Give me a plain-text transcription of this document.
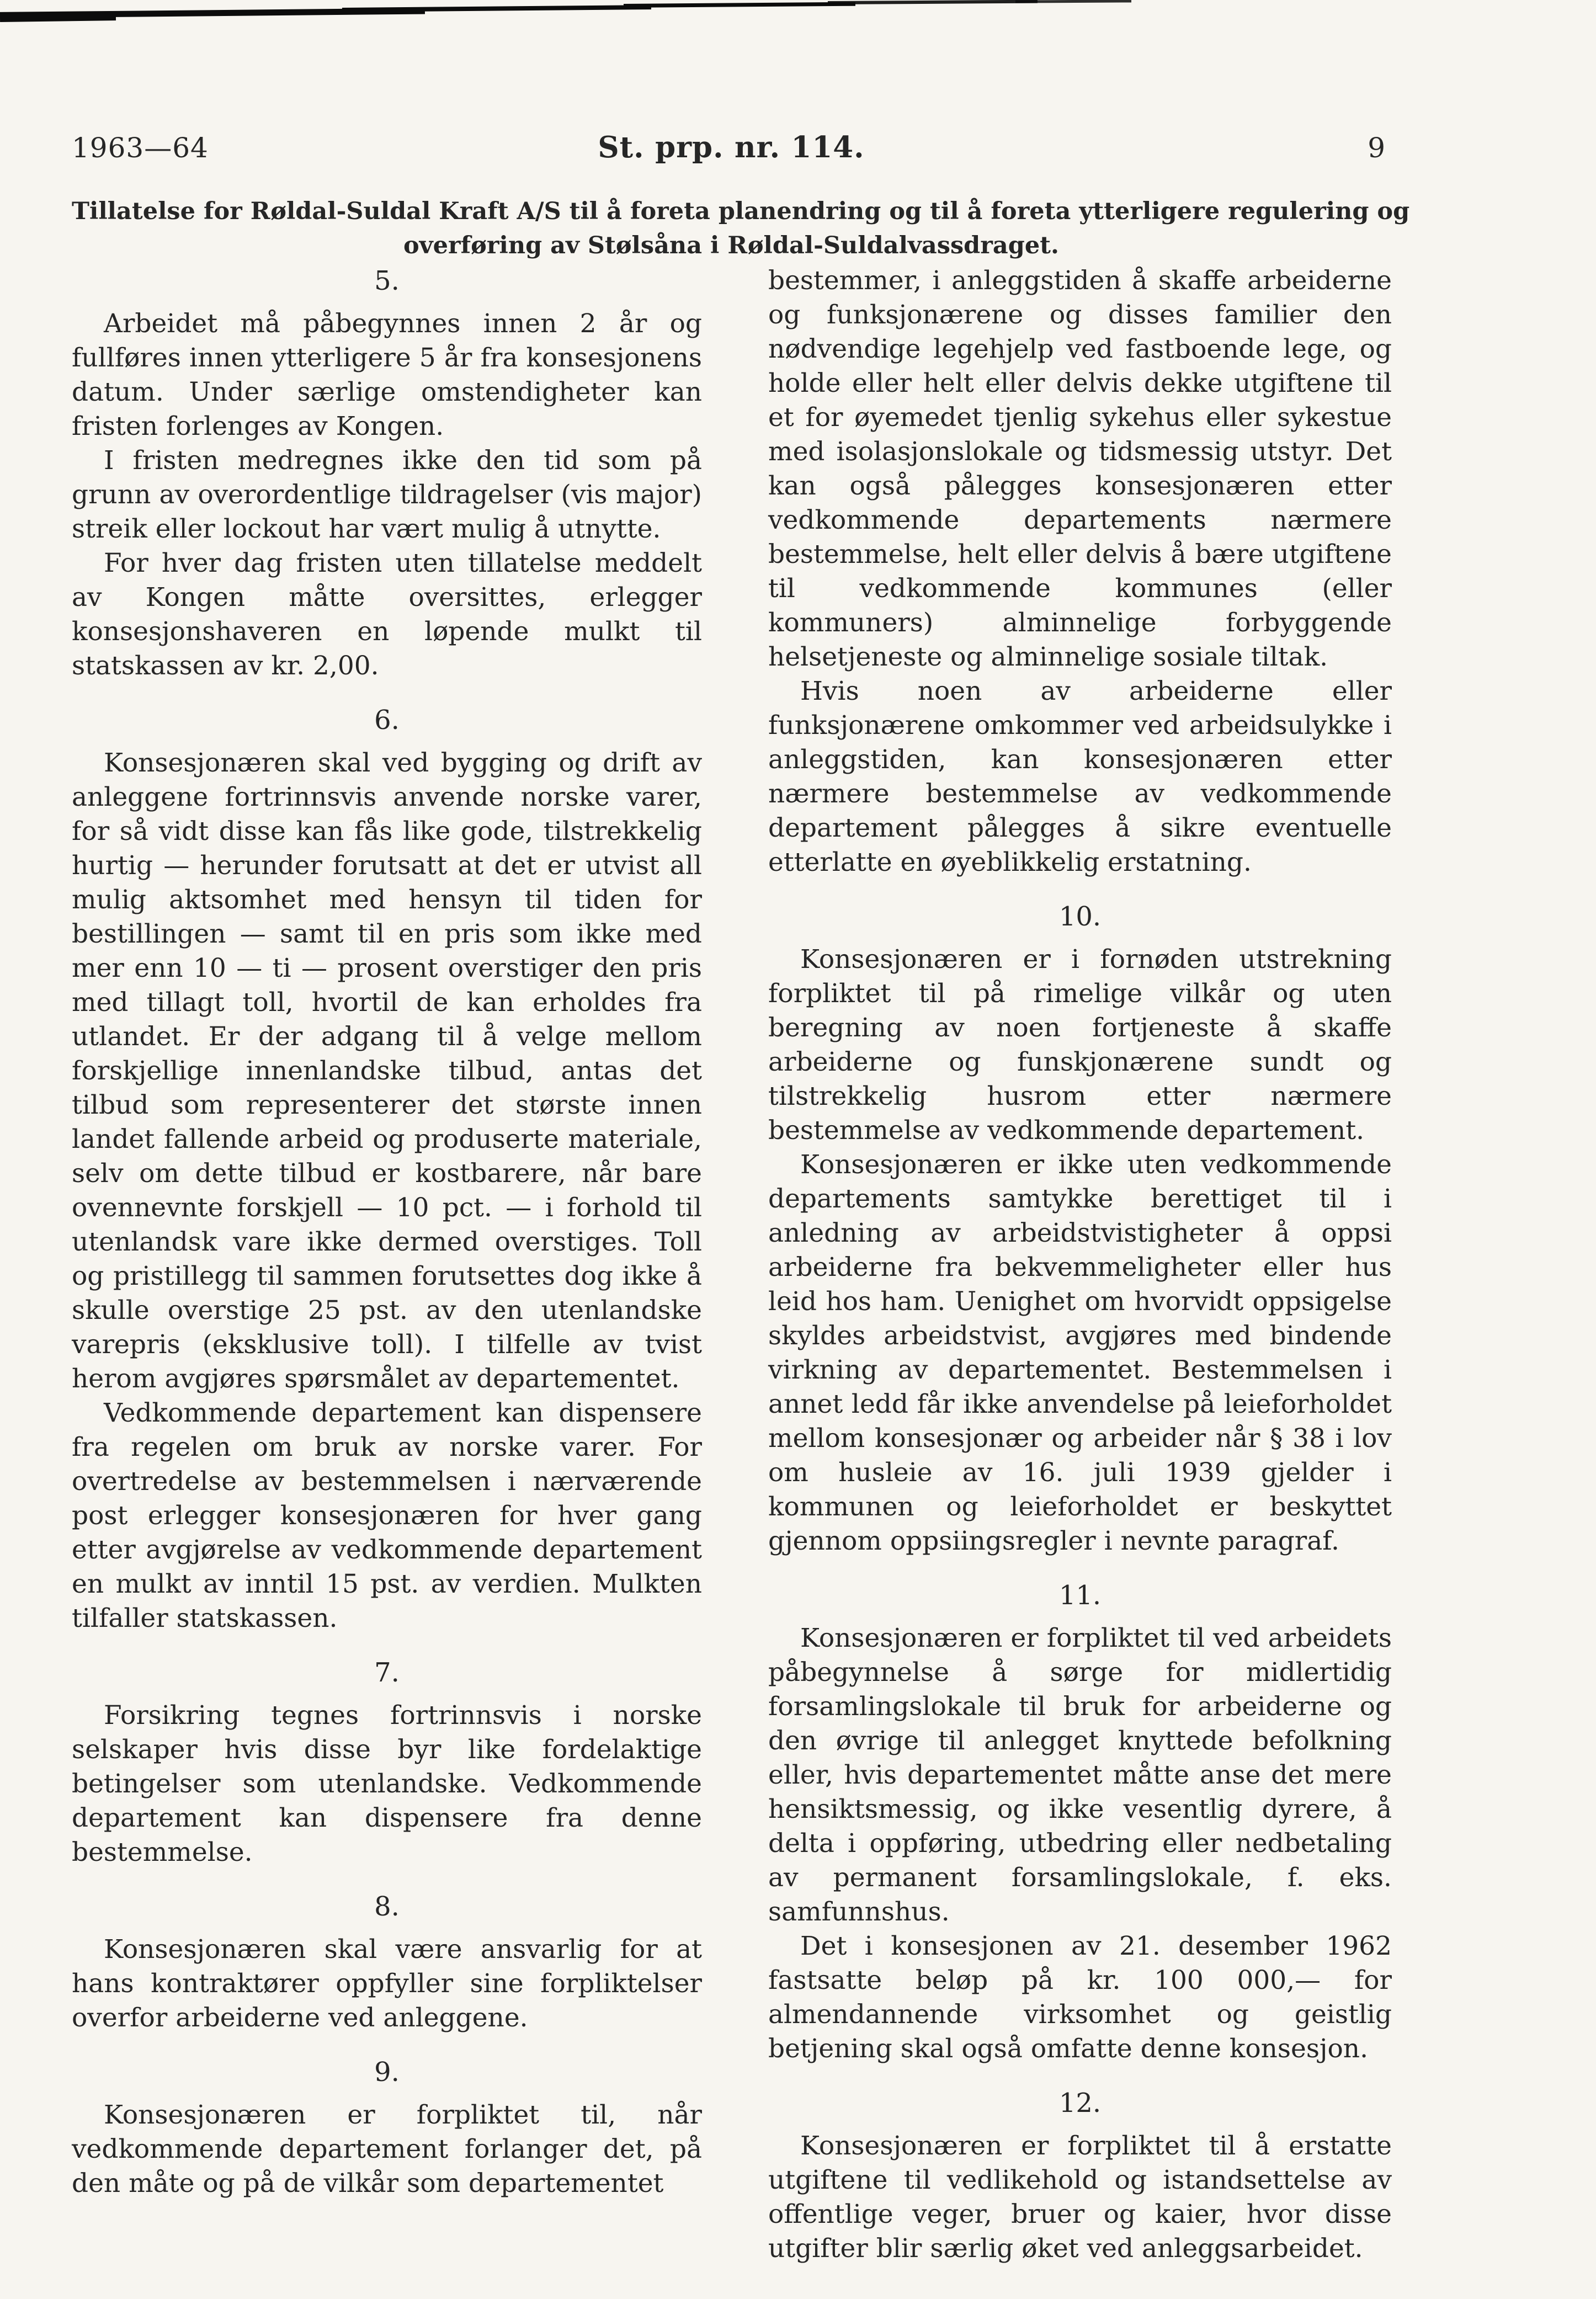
1963—64	St. prp. nr. 114.	9
Tillatelse for Røldal-Suldal Kraft A/S til å foreta planendring og til å foreta ytterligere regulering og
overføring av Stølsåna i Røldal-Suldalvassdraget.
5.

Arbeidet må påbegynnes innen 2 år og fullføres innen ytterligere 5 år fra konsesjonens datum. Under særlige omstendigheter kan fristen forlenges av Kongen.

I fristen medregnes ikke den tid som på grunn av overordentlige tildragelser (vis major) streik eller lockout har vært mulig å utnytte.

For hver dag fristen uten tillatelse meddelt av Kongen måtte oversittes, erlegger konsesjonshaveren en løpende mulkt til statskassen av kr. 2,00.

6.

Konsesjonæren skal ved bygging og drift av anleggene fortrinnsvis anvende norske varer, for så vidt disse kan fås like gode, tilstrekkelig hurtig — herunder forutsatt at det er utvist all mulig aktsomhet med hensyn til tiden for bestillingen — samt til en pris som ikke med mer enn 10 — ti — prosent overstiger den pris med tillagt toll, hvortil de kan erholdes fra utlandet. Er der adgang til å velge mellom forskjellige innenlandske tilbud, antas det tilbud som representerer det største innen landet fallende arbeid og produserte materiale, selv om dette tilbud er kostbarere, når bare ovennevnte forskjell — 10 pct. — i forhold til utenlandsk vare ikke dermed overstiges. Toll og pristillegg til sammen forutsettes dog ikke å skulle overstige 25 pst. av den utenlandske varepris (eksklusive toll). I tilfelle av tvist herom avgjøres spørsmålet av departementet.

Vedkommende departement kan dispensere fra regelen om bruk av norske varer. For overtredelse av bestemmelsen i nærværende post erlegger konsesjonæren for hver gang etter avgjørelse av vedkommende departement en mulkt av inntil 15 pst. av verdien. Mulkten tilfaller statskassen.

7.

Forsikring tegnes fortrinnsvis i norske selskaper hvis disse byr like fordelaktige betingelser som utenlandske. Vedkommende departement kan dispensere fra denne bestemmelse.

8.

Konsesjonæren skal være ansvarlig for at hans kontraktører oppfyller sine forpliktelser overfor arbeiderne ved anleggene.

9.

Konsesjonæren er forpliktet til, når vedkommende departement forlanger det, på den måte og på de vilkår som departementet

bestemmer, i anleggstiden å skaffe arbeiderne og funksjonærene og disses familier den nødvendige legehjelp ved fastboende lege, og holde eller helt eller delvis dekke utgiftene til et for øyemedet tjenlig sykehus eller sykestue med isolasjonslokale og tidsmessig utstyr. Det kan også pålegges konsesjonæren etter vedkommende departements nærmere bestemmelse, helt eller delvis å bære utgiftene til vedkommende kommunes (eller kommuners) alminnelige forbyggende helsetjeneste og alminnelige sosiale tiltak.

Hvis noen av arbeiderne eller funksjonærene omkommer ved arbeidsulykke i anleggstiden, kan konsesjonæren etter nærmere bestemmelse av vedkommende departement pålegges å sikre eventuelle etterlatte en øyeblikkelig erstatning.

10.

Konsesjonæren er i fornøden utstrekning forpliktet til på rimelige vilkår og uten beregning av noen fortjeneste å skaffe arbeiderne og funskjonærene sundt og tilstrekkelig husrom etter nærmere bestemmelse av vedkommende departement.

Konsesjonæren er ikke uten vedkommende departements samtykke berettiget til i anledning av arbeidstvistigheter å oppsi arbeiderne fra bekvemmeligheter eller hus leid hos ham. Uenighet om hvorvidt oppsigelse skyldes arbeidstvist, avgjøres med bindende virkning av departementet. Bestemmelsen i annet ledd får ikke anvendelse på leieforholdet mellom konsesjonær og arbeider når § 38 i lov om husleie av 16. juli 1939 gjelder i kommunen og leieforholdet er beskyttet gjennom oppsiingsregler i nevnte paragraf.

11.

Konsesjonæren er forpliktet til ved arbeidets påbegynnelse å sørge for midlertidig forsamlingslokale til bruk for arbeiderne og den øvrige til anlegget knyttede befolkning eller, hvis departementet måtte anse det mere hensiktsmessig, og ikke vesentlig dyrere, å delta i oppføring, utbedring eller nedbetaling av permanent forsamlingslokale, f. eks. samfunnshus.

Det i konsesjonen av 21. desember 1962 fastsatte beløp på kr. 100 000,— for almendannende virksomhet og geistlig betjening skal også omfatte denne konsesjon.

12.

Konsesjonæren er forpliktet til å erstatte utgiftene til vedlikehold og istandsettelse av offentlige veger, bruer og kaier, hvor disse utgifter blir særlig øket ved anleggsarbeidet.
